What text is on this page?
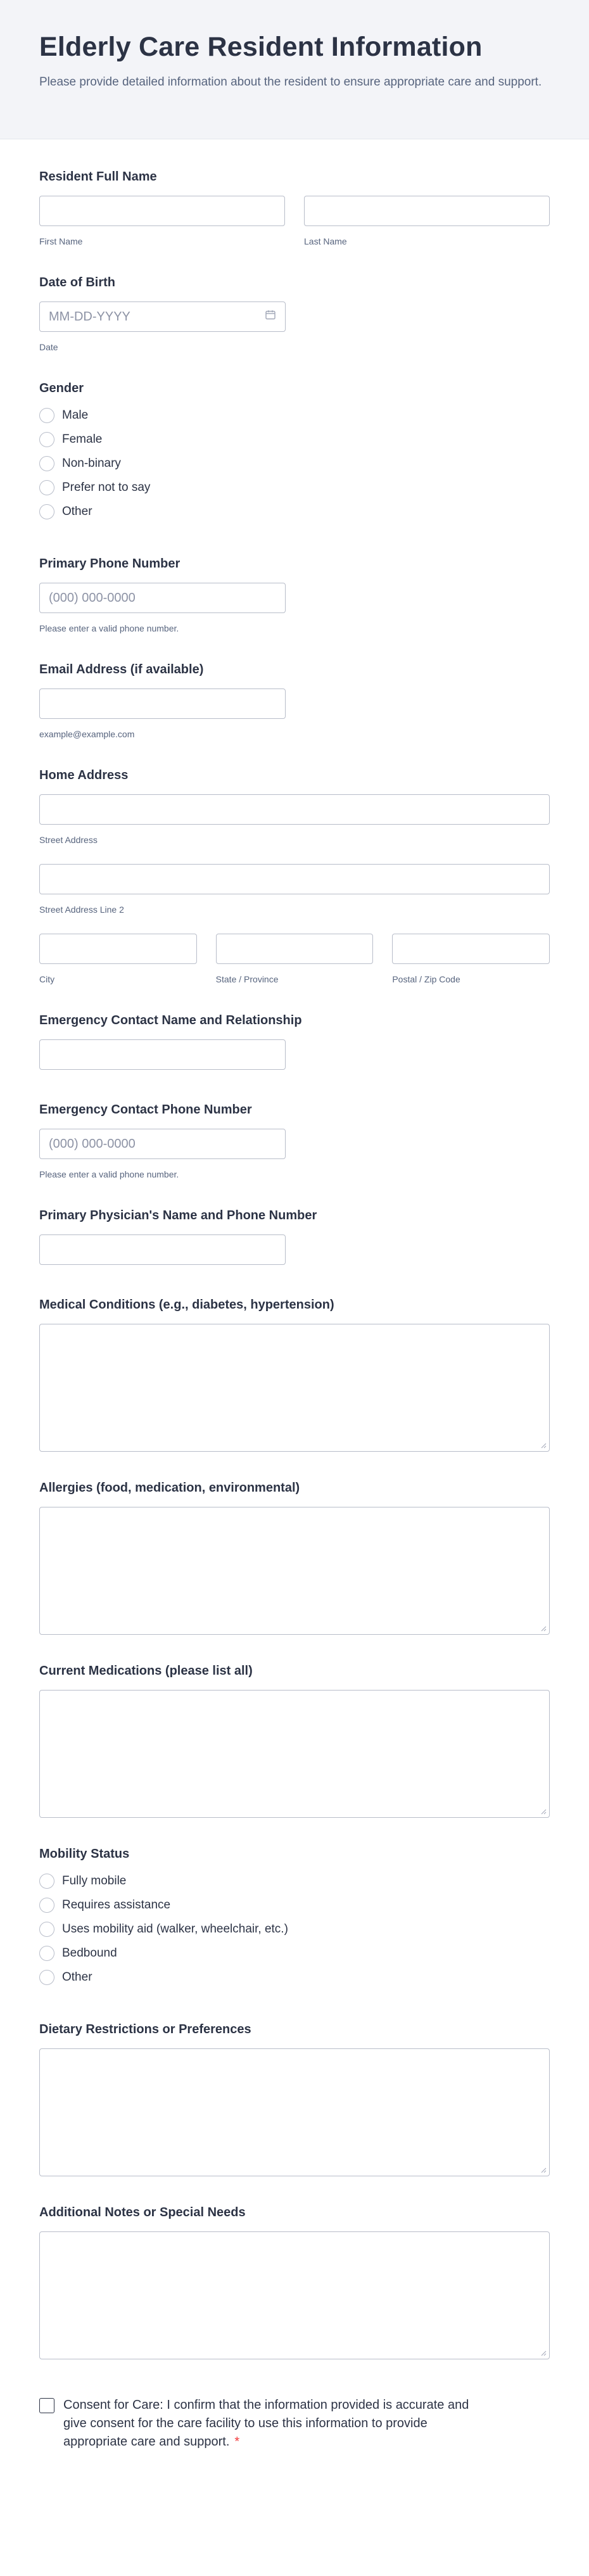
Elderly Care Resident Information

Please provide detailed information about the resident to ensure appropriate care and support.

Resident Full Name
First Name	Last Name
Date of Birth
MM-DD-YYYY
Date
Gender
Male
Female
Non-binary
Prefer not to say
Other
Primary Phone Number
(000) 000-0000
Please enter a valid phone number.
Email Address (if available)
example@example.com
Home Address
Street Address
Street Address Line 2
City	State / Province	Postal / Zip Code
Emergency Contact Name and Relationship
Emergency Contact Phone Number
(000) 000-0000
Please enter a valid phone number.
Primary Physician's Name and Phone Number
Medical Conditions (e.g., diabetes, hypertension)
Allergies (food, medication, environmental)
Current Medications (please list all)
Mobility Status
Fully mobile
Requires assistance
Uses mobility aid (walker, wheelchair, etc.)
Bedbound
Other
Dietary Restrictions or Preferences
Additional Notes or Special Needs
Consent for Care: I confirm that the information provided is accurate and give consent for the care facility to use this information to provide appropriate care and support. *
